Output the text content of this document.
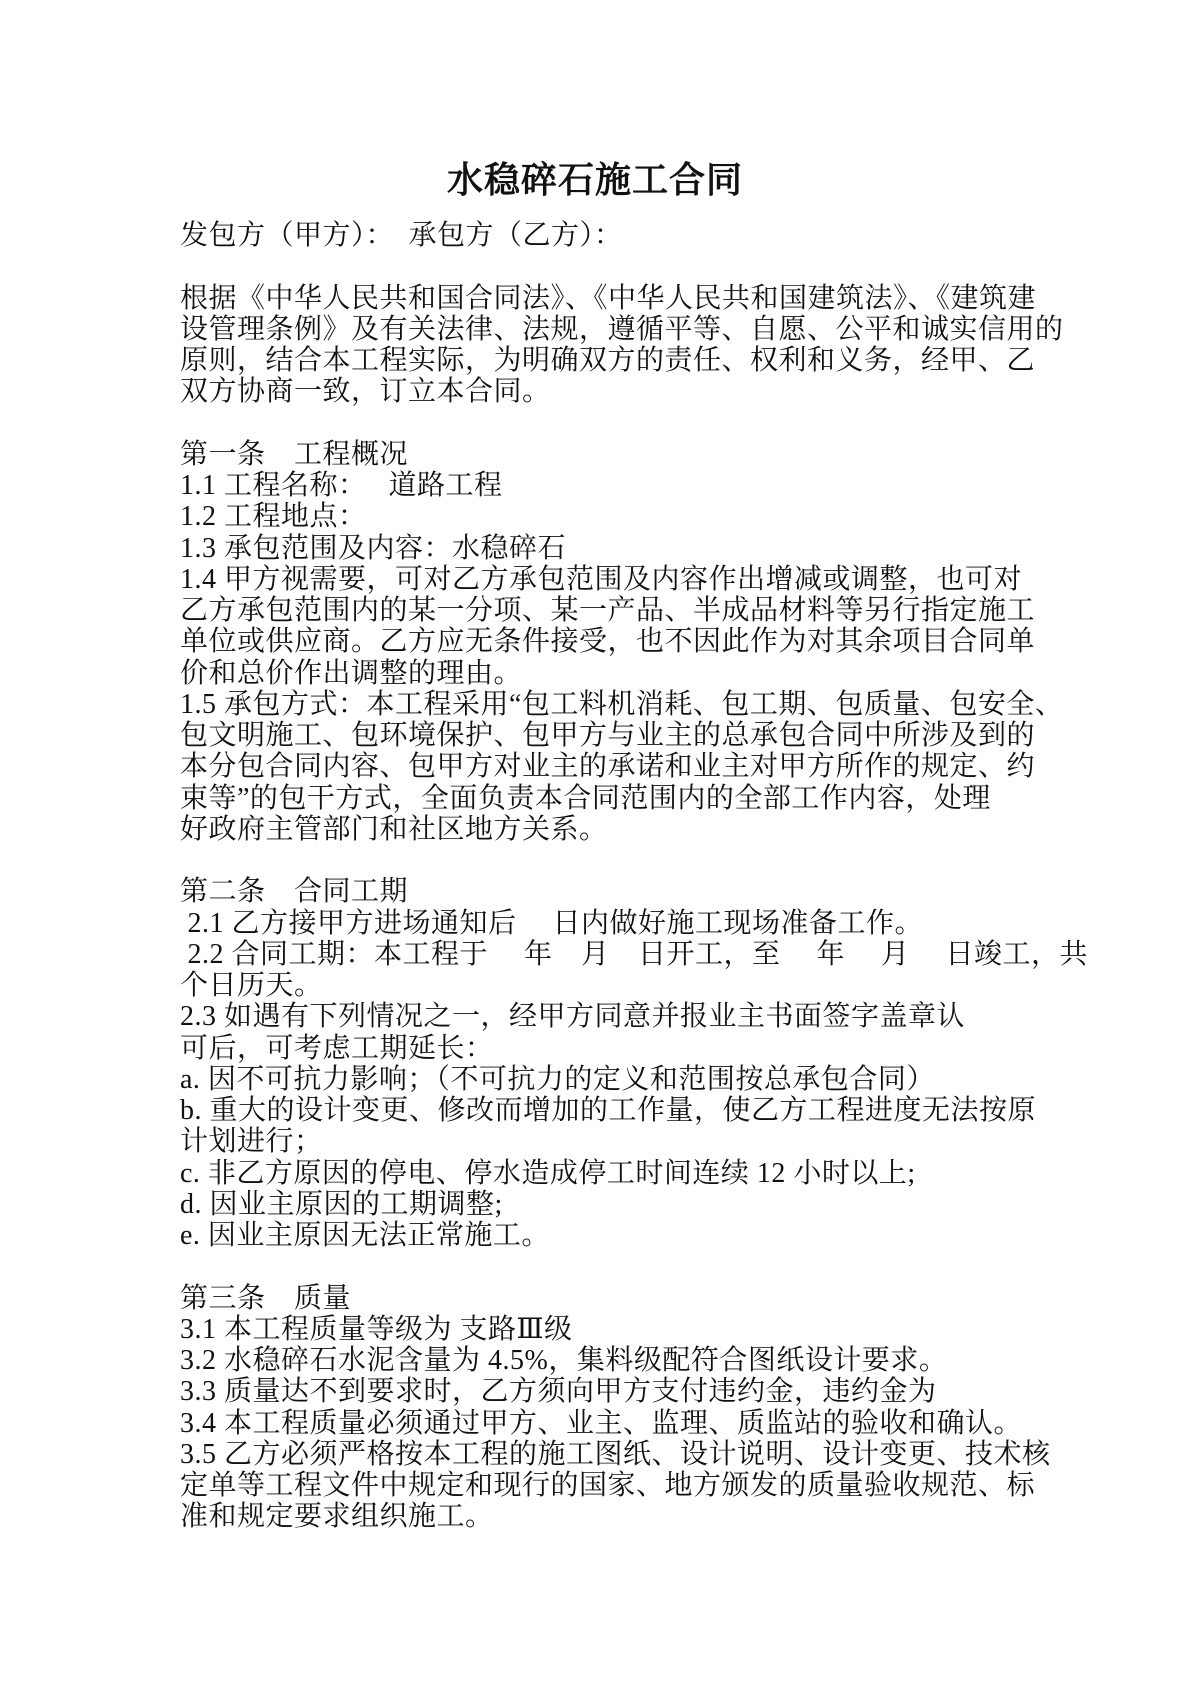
水稳碎石施工合同
发包方（甲方）：　承包方（乙方）：
根据《中华人民共和国合同法》、《中华人民共和国建筑法》、《建筑建
设管理条例》及有关法律、法规，遵循平等、自愿、公平和诚实信用的
原则，结合本工程实际，为明确双方的责任、权利和义务，经甲、乙
双方协商一致，订立本合同。
第一条　工程概况
1.1 工程名称：　 道路工程
1.2 工程地点：
1.3 承包范围及内容：水稳碎石
1.4 甲方视需要，可对乙方承包范围及内容作出增减或调整，也可对
乙方承包范围内的某一分项、某一产品、半成品材料等另行指定施工
单位或供应商。乙方应无条件接受，也不因此作为对其余项目合同单
价和总价作出调整的理由。
1.5 承包方式：本工程采用“包工料机消耗、包工期、包质量、包安全、
包文明施工、包环境保护、包甲方与业主的总承包合同中所涉及到的
本分包合同内容、包甲方对业主的承诺和业主对甲方所作的规定、约
束等”的包干方式，全面负责本合同范围内的全部工作内容，处理
好政府主管部门和社区地方关系。
第二条　合同工期
2.1 乙方接甲方进场通知后　 日内做好施工现场准备工作。
2.2 合同工期：本工程于　 年　月　日开工，至　 年　 月　 日竣工，共
个日历天。
2.3 如遇有下列情况之一，经甲方同意并报业主书面签字盖章认
可后，可考虑工期延长：
a. 因不可抗力影响；（不可抗力的定义和范围按总承包合同）
b. 重大的设计变更、修改而增加的工作量，使乙方工程进度无法按原
计划进行；
c. 非乙方原因的停电、停水造成停工时间连续 12 小时以上;
d. 因业主原因的工期调整;
e. 因业主原因无法正常施工。
第三条　质量
3.1 本工程质量等级为 支路Ⅲ级
3.2 水稳碎石水泥含量为 4.5%，集料级配符合图纸设计要求。
3.3 质量达不到要求时，乙方须向甲方支付违约金，违约金为
3.4 本工程质量必须通过甲方、业主、监理、质监站的验收和确认。
3.5 乙方必须严格按本工程的施工图纸、设计说明、设计变更、技术核
定单等工程文件中规定和现行的国家、地方颁发的质量验收规范、标
准和规定要求组织施工。
